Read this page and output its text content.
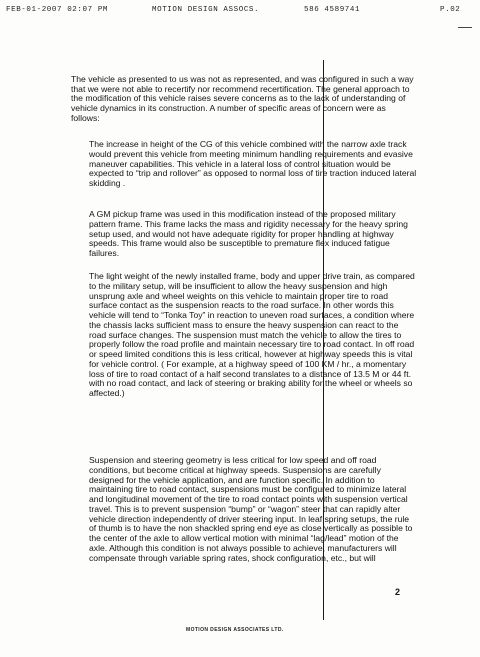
FEB-01-2007 02:07 PM	MOTION DESIGN ASSOCS.	586 4589741	P.02

The vehicle as presented to us was not as represented, and was configured in such a way that we were not able to recertify nor recommend recertification. The general approach to the modification of this vehicle raises severe concerns as to the lack of understanding of vehicle dynamics in its construction. A number of specific areas of concern were as follows:

The increase in height of the CG of this vehicle combined with the narrow axle track would prevent this vehicle from meeting minimum handling requirements and evasive maneuver capabilities. This vehicle in a lateral loss of control situation would be expected to “trip and rollover” as opposed to normal loss of tire traction induced lateral skidding .

A GM pickup frame was used in this modification instead of the proposed military pattern frame. This frame lacks the mass and rigidity necessary for the heavy spring setup used, and would not have adequate rigidity for proper handling at highway speeds. This frame would also be susceptible to premature flex induced fatigue failures.

The light weight of the newly installed frame, body and upper drive train, as compared to the military setup, will be insufficient to allow the heavy suspension and high unsprung axle and wheel weights on this vehicle to maintain proper tire to road surface contact as the suspension reacts to the road surface. In other words this vehicle will tend to “Tonka Toy” in reaction to uneven road surfaces, a condition where the chassis lacks sufficient mass to ensure the heavy suspension can react to the road surface changes. The suspension must match the vehicle to allow the tires to properly follow the road profile and maintain necessary tire to road contact. In off road or speed limited conditions this is less critical, however at highway speeds this is vital for vehicle control. ( For example, at a highway speed of 100 KM / hr., a momentary loss of tire to road contact of a half second translates to a distance of 13.5 M or 44 ft. with no road contact, and lack of steering or braking ability for the wheel or wheels so affected.)

Suspension and steering geometry is less critical for low speed and off road conditions, but become critical at highway speeds. Suspensions are carefully designed for the vehicle application, and are function specific. In addition to maintaining tire to road contact, suspensions must be configured to minimize lateral and longitudinal movement of the tire to road contact points with suspension vertical travel. This is to prevent suspension “bump” or “wagon” steer that can rapidly alter vehicle direction independently of driver steering input. In leaf spring setups, the rule of thumb is to have the non shackled spring end eye as close vertically as possible to the center of the axle to allow vertical motion with minimal “lag/lead” motion of the axle. Although this condition is not always possible to achieve, manufacturers will compensate through variable spring rates, shock configuration, etc., but will

2
MOTION DESIGN ASSOCIATES LTD.
